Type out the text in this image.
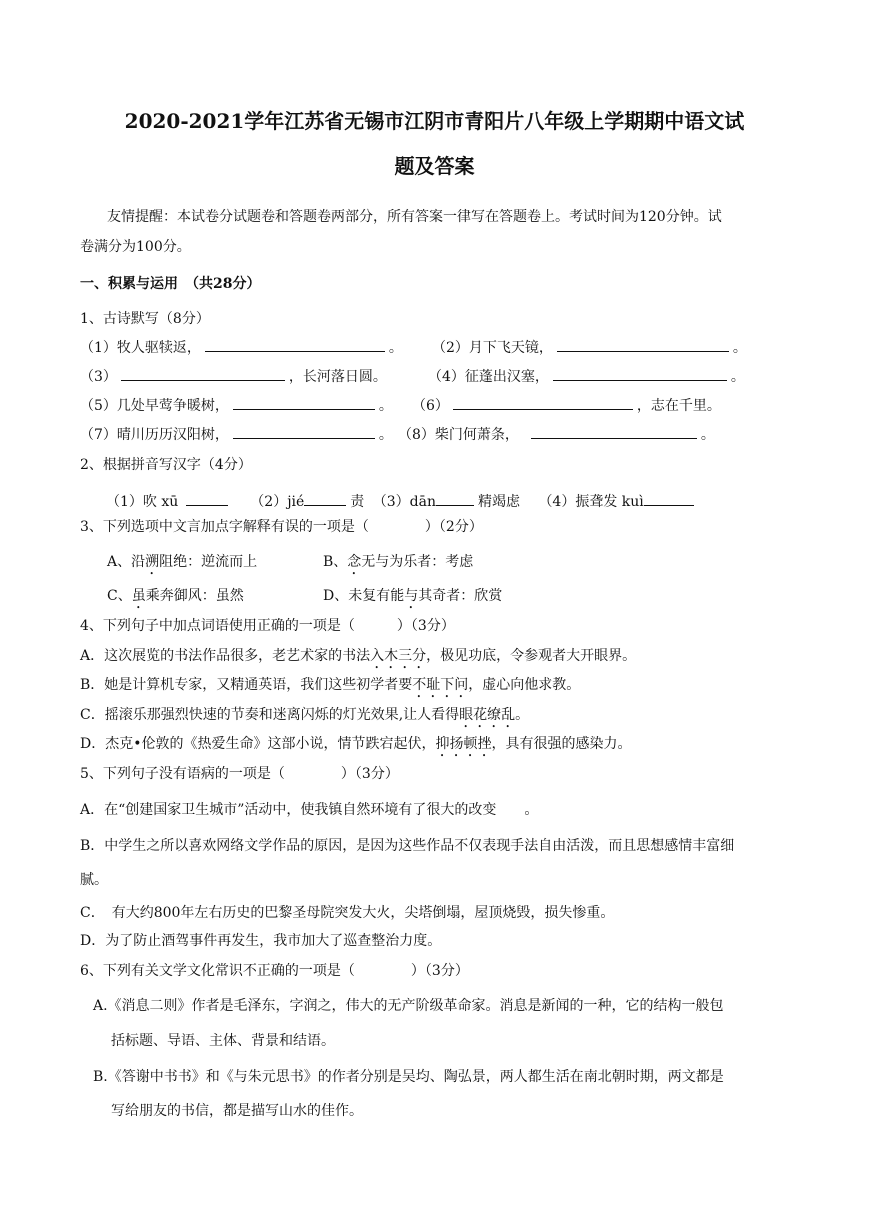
2020-2021学年江苏省无锡市江阴市青阳片八年级上学期期中语文试
题及答案
友情提醒：本试卷分试题卷和答题卷两部分，所有答案一律写在答题卷上。考试时间为120分钟。试
卷满分为100分。
一、积累与运用　（共28分）
1、古诗默写（8分）
（1）牧人驱犊返，	。 （2）月下飞天镜，	。
（3）	，长河落日圆。	（4）征蓬出汉塞，	。
（5）几处早莺争暖树，	。 （6）	，志在千里。
（7）晴川历历汉阳树，	。 （8）柴门何萧条，	。
2、根据拼音写汉字（4分）
（1）吹 xū	（2）jié	责 （3）dān	精竭虑 （4）振聋发 kuì
3、下列选项中文言加点字解释有误的一项是（　　　　）（2分）
A、沿溯阻绝：逆流而上	B、念无与为乐者：考虑
C、虽乘奔御风：虽然	D、未复有能与其奇者：欣赏
4、下列句子中加点词语使用正确的一项是（　　　）（3分）
A．这次展览的书法作品很多，老艺术家的书法入木三分，极见功底，令参观者大开眼界。
B．她是计算机专家，又精通英语，我们这些初学者要不耻下问，虚心向他求教。
C．摇滚乐那强烈快速的节奏和迷离闪烁的灯光效果,让人看得眼花缭乱。
D．杰克•伦敦的《热爱生命》这部小说，情节跌宕起伏，抑扬顿挫，具有很强的感染力。
5、下列句子没有语病的一项是（　　　　）（3分）
A．在“创建国家卫生城市”活动中，使我镇自然环境有了很大的改变　　。
B．中学生之所以喜欢网络文学作品的原因，是因为这些作品不仅表现手法自由活泼，而且思想感情丰富细
腻。
C．　有大约800年左右历史的巴黎圣母院突发大火，尖塔倒塌，屋顶烧毁，损失惨重。
D．为了防止酒驾事件再发生，我市加大了巡查整治力度。
6、下列有关文学文化常识不正确的一项是（　　　　）（3分）
A.《消息二则》作者是毛泽东，字润之，伟大的无产阶级革命家。消息是新闻的一种，它的结构一般包
括标题、导语、主体、背景和结语。
B.《答谢中书书》和《与朱元思书》的作者分别是吴均、陶弘景，两人都生活在南北朝时期，两文都是
写给朋友的书信，都是描写山水的佳作。
